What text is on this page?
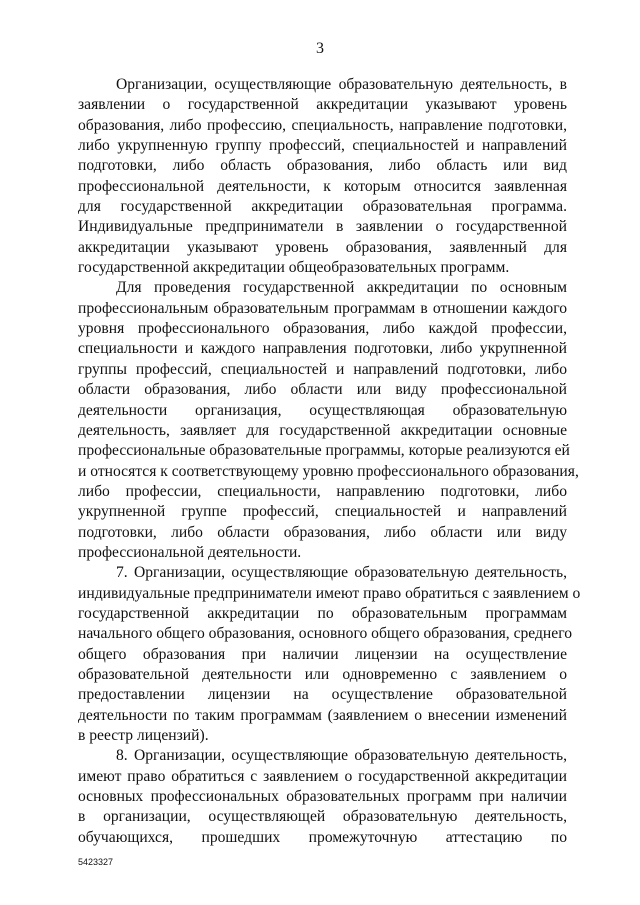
3

Организации, осуществляющие образовательную деятельность, в
заявлении о государственной аккредитации указывают уровень
образования, либо профессию, специальность, направление подготовки,
либо укрупненную группу профессий, специальностей и направлений
подготовки, либо область образования, либо область или вид
профессиональной деятельности, к которым относится заявленная
для государственной аккредитации образовательная программа.
Индивидуальные предприниматели в заявлении о государственной
аккредитации указывают уровень образования, заявленный для
государственной аккредитации общеобразовательных программ.

Для проведения государственной аккредитации по основным
профессиональным образовательным программам в отношении каждого
уровня профессионального образования, либо каждой профессии,
специальности и каждого направления подготовки, либо укрупненной
группы профессий, специальностей и направлений подготовки, либо
области образования, либо области или виду профессиональной
деятельности организация, осуществляющая образовательную
деятельность, заявляет для государственной аккредитации основные
профессиональные образовательные программы, которые реализуются ей
и относятся к соответствующему уровню профессионального образования,
либо профессии, специальности, направлению подготовки, либо
укрупненной группе профессий, специальностей и направлений
подготовки, либо области образования, либо области или виду
профессиональной деятельности.

7. Организации, осуществляющие образовательную деятельность,
индивидуальные предприниматели имеют право обратиться с заявлением о
государственной аккредитации по образовательным программам
начального общего образования, основного общего образования, среднего
общего образования при наличии лицензии на осуществление
образовательной деятельности или одновременно с заявлением о
предоставлении лицензии на осуществление образовательной
деятельности по таким программам (заявлением о внесении изменений
в реестр лицензий).

8. Организации, осуществляющие образовательную деятельность,
имеют право обратиться с заявлением о государственной аккредитации
основных профессиональных образовательных программ при наличии
в организации, осуществляющей образовательную деятельность,
обучающихся, прошедших промежуточную аттестацию по

5423327
